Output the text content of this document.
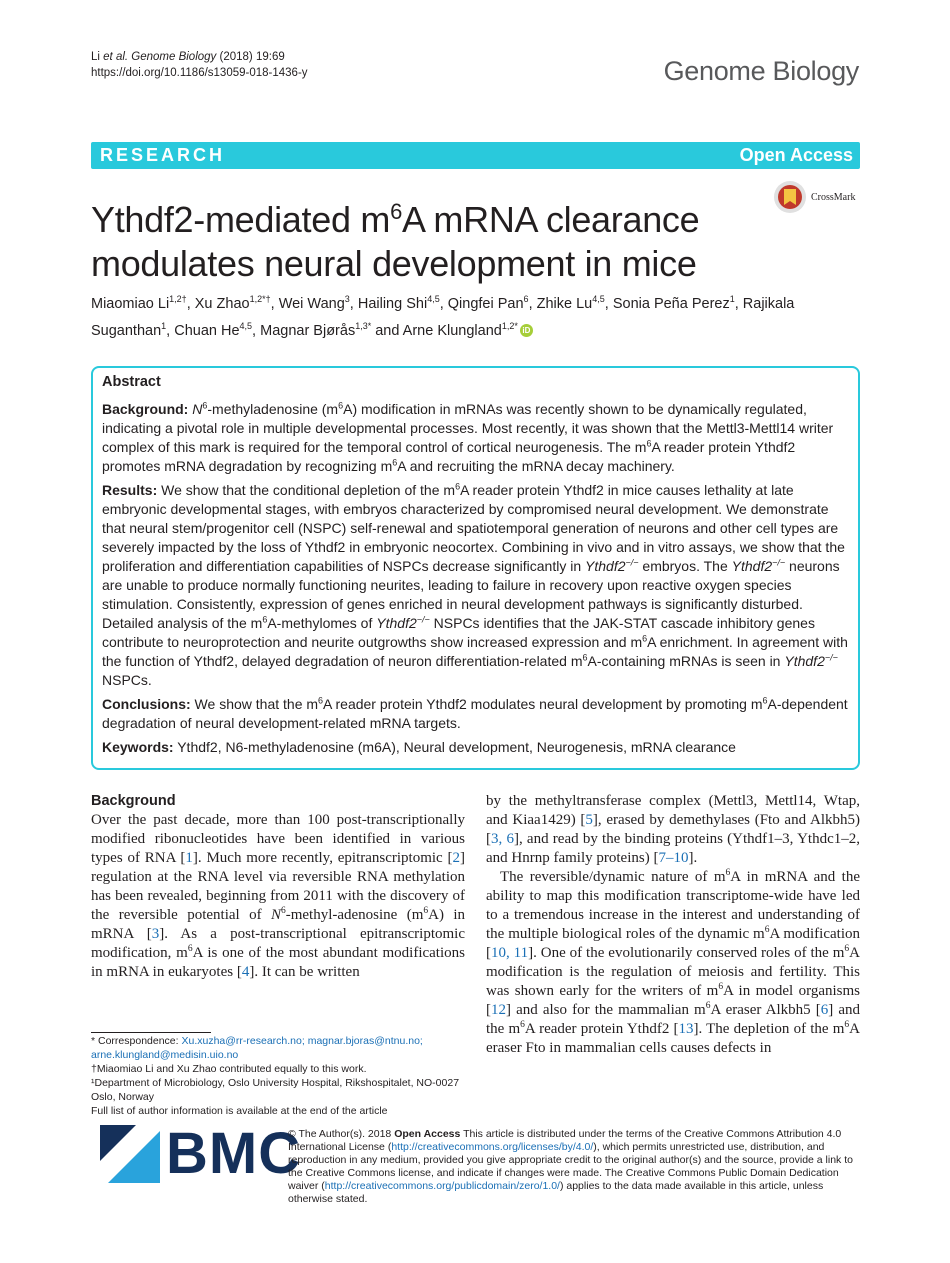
Li et al. Genome Biology (2018) 19:69
https://doi.org/10.1186/s13059-018-1436-y	Genome Biology
RESEARCH	Open Access
CrossMark
Ythdf2-mediated $m^6A$ mRNA clearance modulates neural development in mice
Miaomiao $Li^{1,2\dagger}$, Xu Zhao$^{1,2*\dagger}$, Wei Wang$^3$, Hailing Shi$^{4,5}$, Qingfei Pan$^6$, Zhike Lu$^{4,5}$, Sonia Peña Perez$^1$, Rajikala Suganthan$^1$, Chuan He$^{4,5}$, Magnar Bjørås$^{1,3*}$ and Arne Klungland$^{1,2*}$ iD
Abstract

Background: $N^6$-methyladenosine $(m^6A)$ modification in mRNAs was recently shown to be dynamically regulated, indicating a pivotal role in multiple developmental processes. Most recently, it was shown that the Mettl3-Mettl14 writer complex of this mark is required for the temporal control of cortical neurogenesis. The $m^6A$ reader protein Ythdf2 promotes mRNA degradation by recognizing $m^6A$ and recruiting the mRNA decay machinery.

Results: We show that the conditional depletion of the $m^6A$ reader protein Ythdf2 in mice causes lethality at late embryonic developmental stages, with embryos characterized by compromised neural development. We demonstrate that neural stem/progenitor cell (NSPC) self-renewal and spatiotemporal generation of neurons and other cell types are severely impacted by the loss of Ythdf2 in embryonic neocortex. Combining in vivo and in vitro assays, we show that the proliferation and differentiation capabilities of NSPCs decrease significantly in Ythdf2−/− embryos. The Ythdf2−/− neurons are unable to produce normally functioning neurites, leading to failure in recovery upon reactive oxygen species stimulation. Consistently, expression of genes enriched in neural development pathways is significantly disturbed. Detailed analysis of the $m^6A$-methylomes of Ythdf2−/− NSPCs identifies that the JAK-STAT cascade inhibitory genes contribute to neuroprotection and neurite outgrowths show increased expression and $m^6A$ enrichment. In agreement with the function of Ythdf2, delayed degradation of neuron differentiation-related $m^6A$-containing mRNAs is seen in Ythdf2−/− NSPCs.

Conclusions: We show that the $m^6A$ reader protein Ythdf2 modulates neural development by promoting $m^6A$-dependent degradation of neural development-related mRNA targets.

Keywords: Ythdf2, N6-methyladenosine (m6A), Neural development, Neurogenesis, mRNA clearance

Background

Over the past decade, more than 100 post-transcriptionally modified ribonucleotides have been identified in various types of RNA [1]. Much more recently, epitranscriptomic [2] regulation at the RNA level via reversible RNA methylation has been revealed, beginning from 2011 with the discovery of the reversible potential of $N^6-methyl$-adenosine $(m^6A)$ in mRNA [3]. As a post-transcriptional epitranscriptomic modification, $m^6A$ is one of the most abundant modifications in mRNA in eukaryotes [4]. It can be written

by the methyltransferase complex (Mettl3, Mettl14, Wtap, and Kiaa1429) [5], erased by demethylases (Fto and Alkbh5) [3, 6], and read by the binding proteins (Ythdf1–3, Ythdc1–2, and Hnrnp family proteins) [7–10].

The reversible/dynamic nature of $m^6A$ in mRNA and the ability to map this modification transcriptome-wide have led to a tremendous increase in the interest and understanding of the multiple biological roles of the dynamic $m^6A$ modification [10, 11]. One of the evolutionarily conserved roles of the $m^6A$ modification is the regulation of meiosis and fertility. This was shown early for the writers of $m^6A$ in model organisms [12] and also for the mammalian $m^6A$ eraser Alkbh5 [6] and the $m^6A$ reader protein Ythdf2 [13]. The depletion of the $m^6A$ eraser Fto in mammalian cells causes defects in

* Correspondence: Xu.xuzha@rr-research.no; magnar.bjoras@ntnu.no; arne.klungland@medisin.uio.no

†Miaomiao Li and Xu Zhao contributed equally to this work.

¹Department of Microbiology, Oslo University Hospital, Rikshospitalet, NO-0027 Oslo, Norway

Full list of author information is available at the end of the article

BMC
© The Author(s). 2018 Open Access This article is distributed under the terms of the Creative Commons Attribution 4.0 International License (http://creativecommons.org/licenses/by/4.0/), which permits unrestricted use, distribution, and reproduction in any medium, provided you give appropriate credit to the original author(s) and the source, provide a link to the Creative Commons license, and indicate if changes were made. The Creative Commons Public Domain Dedication waiver (http://creativecommons.org/publicdomain/zero/1.0/) applies to the data made available in this article, unless otherwise stated.
